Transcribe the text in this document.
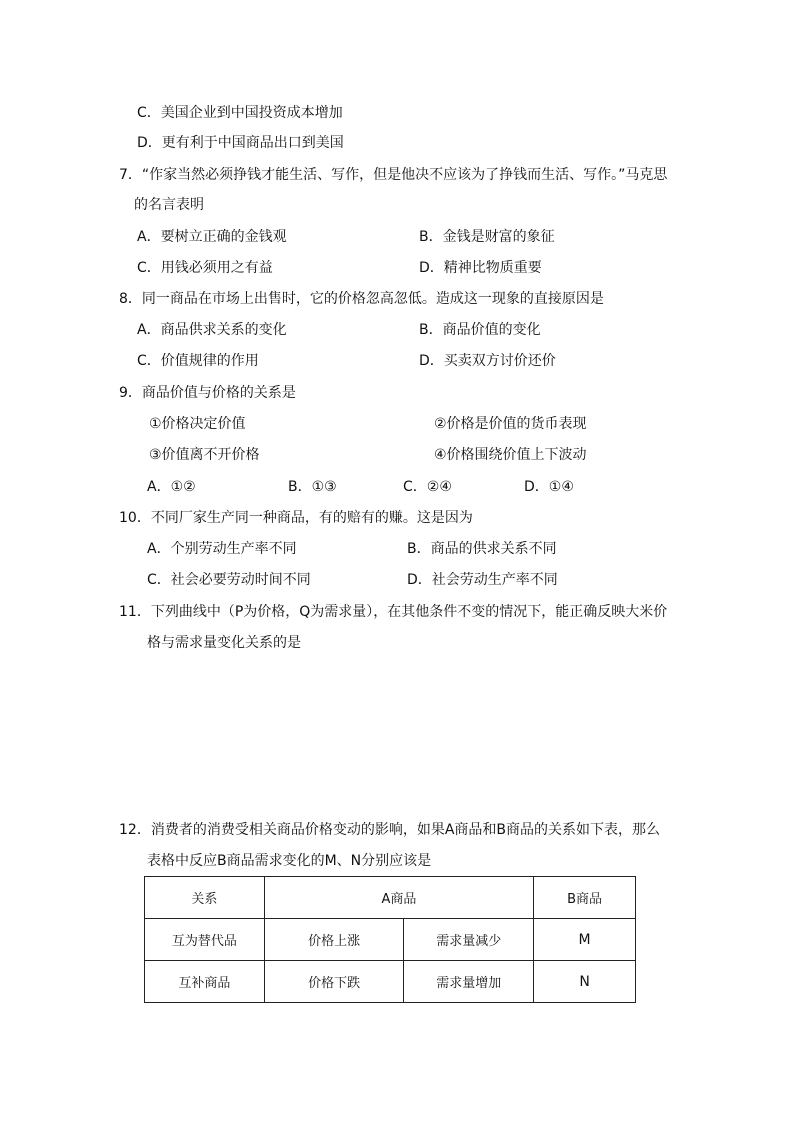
C．美国企业到中国投资成本增加
D．更有利于中国商品出口到美国
7．“作家当然必须挣钱才能生活、写作，但是他决不应该为了挣钱而生活、写作。”马克思
的名言表明
A．要树立正确的金钱观	B．金钱是财富的象征
C．用钱必须用之有益	D．精神比物质重要
8．同一商品在市场上出售时，它的价格忽高忽低。造成这一现象的直接原因是
A．商品供求关系的变化	B．商品价值的变化
C．价值规律的作用	D．买卖双方讨价还价
9．商品价值与价格的关系是
①价格决定价值	②价格是价值的货币表现
③价值离不开价格	④价格围绕价值上下波动
A．①②	B．①③	C．②④	D．①④
10．不同厂家生产同一种商品，有的赔有的赚。这是因为
A．个别劳动生产率不同	B．商品的供求关系不同
C．社会必要劳动时间不同	D．社会劳动生产率不同
11．下列曲线中（P为价格，Q为需求量），在其他条件不变的情况下，能正确反映大米价
格与需求量变化关系的是
12．消费者的消费受相关商品价格变动的影响，如果A商品和B商品的关系如下表，那么
表格中反应B商品需求变化的M、N分别应该是
关系	A商品		B商品
互为替代品	价格上涨	需求量减少	M
互补商品	价格下跌	需求量增加	N
